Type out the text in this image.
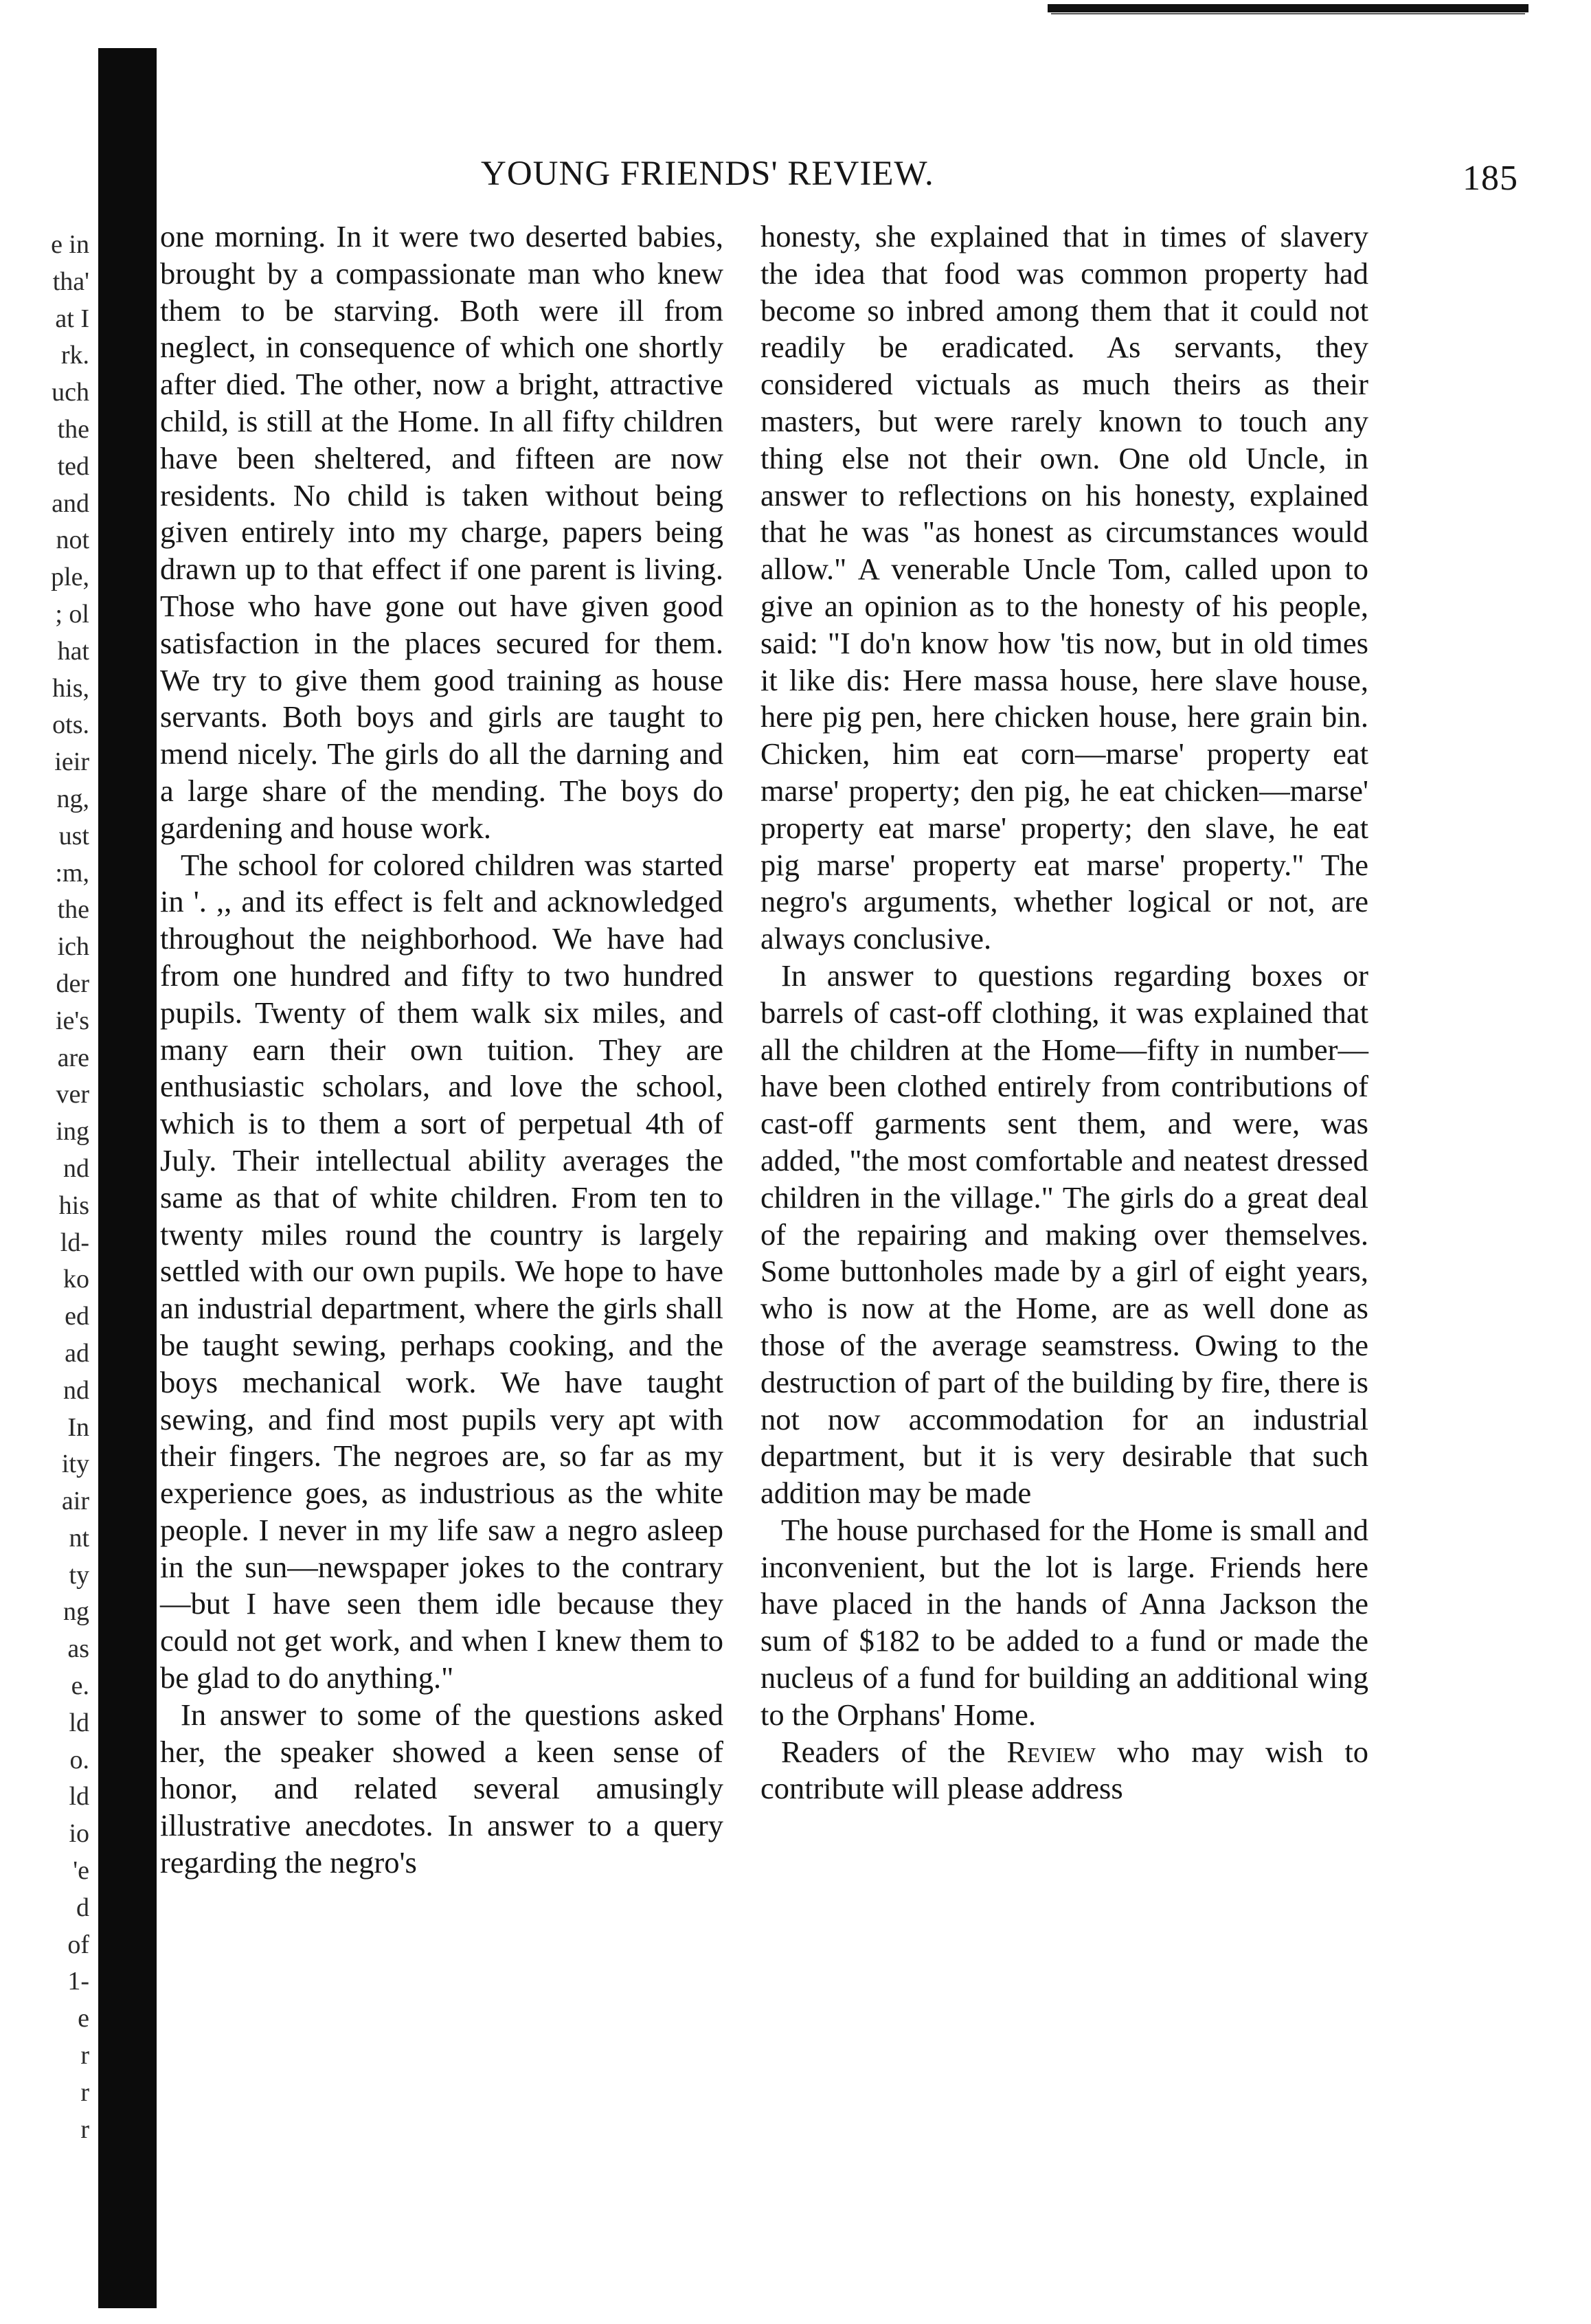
e in
tha'
at I
rk.
uch
the
ted
and
not
ple,
; ol
hat
his,
ots.
ieir
ng,
ust
:m,
the
ich
der
ie's
are
ver
ing
nd
his
ld-
ko
ed
ad
nd
In
ity
air
nt
ty
ng
as
e.
ld
o.
ld
io
'e
d
of
1-
e
r
r
r
YOUNG FRIENDS' REVIEW.	185

one morning. In it were two deserted babies, brought by a compassionate man who knew them to be starving. Both were ill from neglect, in consequence of which one shortly after died. The other, now a bright, attractive child, is still at the Home. In all fifty children have been sheltered, and fifteen are now residents. No child is taken without being given entirely into my charge, papers being drawn up to that effect if one parent is living. Those who have gone out have given good satisfaction in the places secured for them. We try to give them good training as house servants. Both boys and girls are taught to mend nicely. The girls do all the darning and a large share of the mending. The boys do gardening and house work.

The school for colored children was started in '. ,, and its effect is felt and acknowledged throughout the neighborhood. We have had from one hundred and fifty to two hundred pupils. Twenty of them walk six miles, and many earn their own tuition. They are enthusiastic scholars, and love the school, which is to them a sort of perpetual 4th of July. Their intellectual ability averages the same as that of white children. From ten to twenty miles round the country is largely settled with our own pupils. We hope to have an industrial department, where the girls shall be taught sewing, perhaps cooking, and the boys mechanical work. We have taught sewing, and find most pupils very apt with their fingers. The negroes are, so far as my experience goes, as industrious as the white people. I never in my life saw a negro asleep in the sun—newspaper jokes to the contrary—but I have seen them idle because they could not get work, and when I knew them to be glad to do anything."

In answer to some of the questions asked her, the speaker showed a keen sense of honor, and related several amusingly illustrative anecdotes. In answer to a query regarding the negro's

honesty, she explained that in times of slavery the idea that food was common property had become so inbred among them that it could not readily be eradicated. As servants, they considered victuals as much theirs as their masters, but were rarely known to touch any thing else not their own. One old Uncle, in answer to reflections on his honesty, explained that he was "as honest as circumstances would allow." A venerable Uncle Tom, called upon to give an opinion as to the honesty of his people, said: "I do'n know how 'tis now, but in old times it like dis: Here massa house, here slave house, here pig pen, here chicken house, here grain bin. Chicken, him eat corn—marse' property eat marse' property; den pig, he eat chicken—marse' property eat marse' property; den slave, he eat pig marse' property eat marse' property." The negro's arguments, whether logical or not, are always conclusive.

In answer to questions regarding boxes or barrels of cast-off clothing, it was explained that all the children at the Home—fifty in number—have been clothed entirely from contributions of cast-off garments sent them, and were, was added, "the most comfortable and neatest dressed children in the village." The girls do a great deal of the repairing and making over themselves. Some buttonholes made by a girl of eight years, who is now at the Home, are as well done as those of the average seamstress. Owing to the destruction of part of the building by fire, there is not now accommodation for an industrial department, but it is very desirable that such addition may be made

The house purchased for the Home is small and inconvenient, but the lot is large. Friends here have placed in the hands of Anna Jackson the sum of $182 to be added to a fund or made the nucleus of a fund for building an additional wing to the Orphans' Home.

Readers of the Review who may wish to contribute will please address
